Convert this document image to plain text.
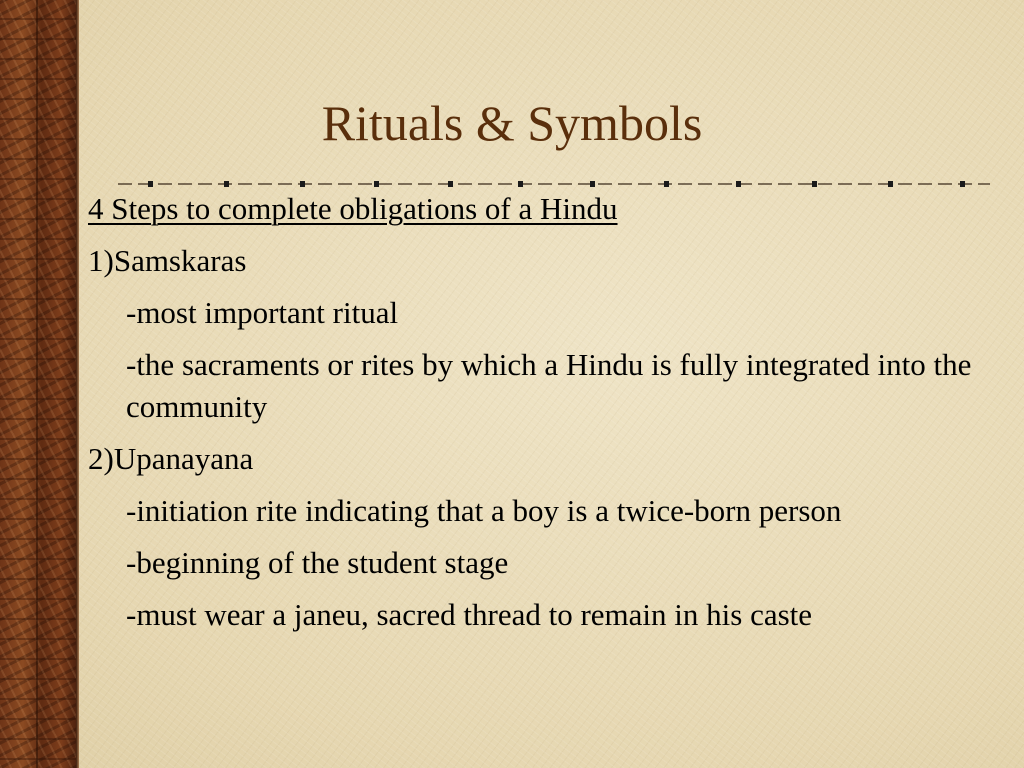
Rituals & Symbols

4 Steps to complete obligations of a Hindu

1)Samskaras

-most important ritual

-the sacraments or rites by which a Hindu is fully integrated into the community

2)Upanayana

-initiation rite indicating that a boy is a twice-born person

-beginning of the student stage

-must wear a janeu, sacred thread to remain in his caste
